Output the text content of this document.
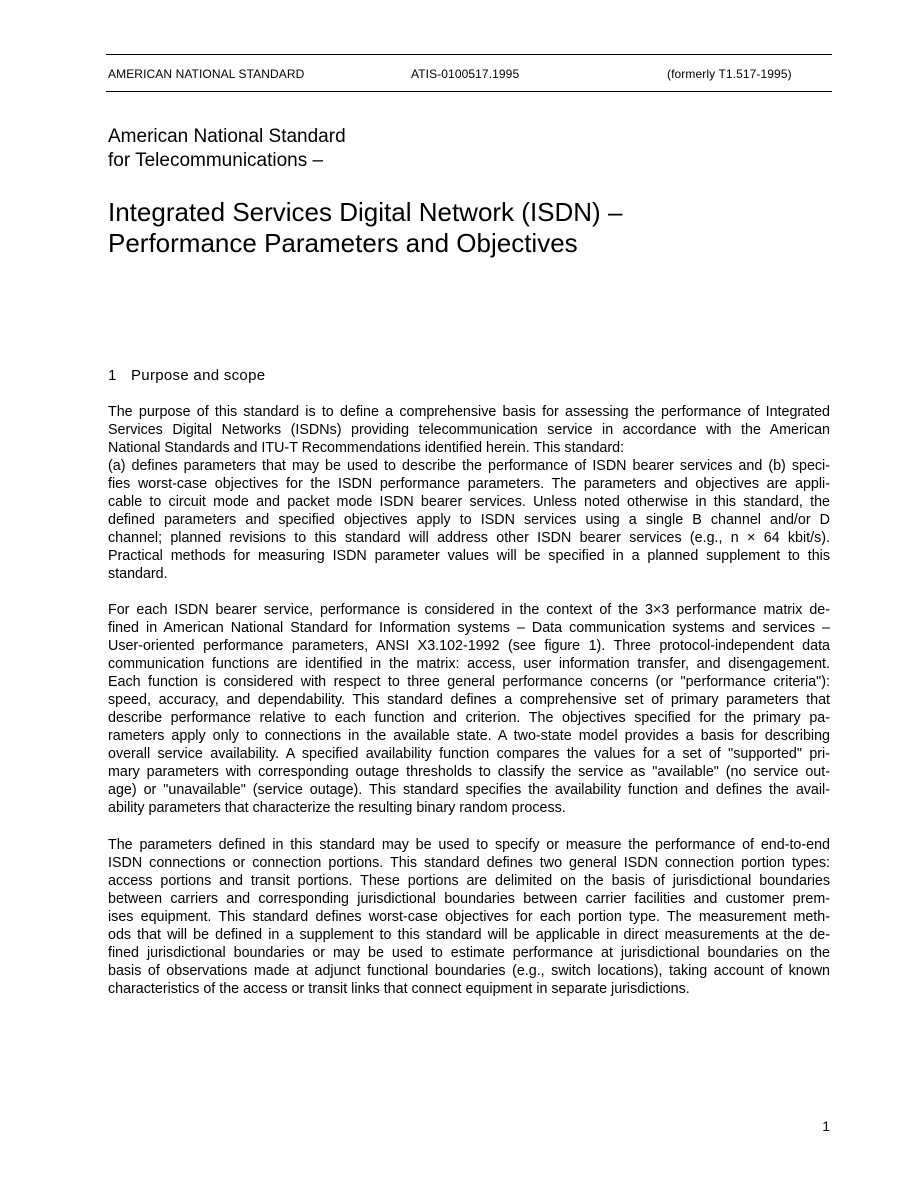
AMERICAN NATIONAL STANDARD	ATIS-0100517.1995	(formerly T1.517-1995)
American National Standard
for Telecommunications –
Integrated Services Digital Network (ISDN) –
Performance Parameters and Objectives
1 Purpose and scope

The purpose of this standard is to define a comprehensive basis for assessing the performance of Integrated
Services Digital Networks (ISDNs) providing telecommunication service in accordance with the American
National Standards and ITU-T Recommendations identified herein. This standard:
(a) defines parameters that may be used to describe the performance of ISDN bearer services and (b) speci-
fies worst-case objectives for the ISDN performance parameters. The parameters and objectives are appli-
cable to circuit mode and packet mode ISDN bearer services. Unless noted otherwise in this standard, the
defined parameters and specified objectives apply to ISDN services using a single B channel and/or D
channel; planned revisions to this standard will address other ISDN bearer services (e.g., n × 64 kbit/s).
Practical methods for measuring ISDN parameter values will be specified in a planned supplement to this
standard.

For each ISDN bearer service, performance is considered in the context of the 3×3 performance matrix de-
fined in American National Standard for Information systems – Data communication systems and services –
User-oriented performance parameters, ANSI X3.102-1992 (see figure 1). Three protocol-independent data
communication functions are identified in the matrix: access, user information transfer, and disengagement.
Each function is considered with respect to three general performance concerns (or "performance criteria"):
speed, accuracy, and dependability. This standard defines a comprehensive set of primary parameters that
describe performance relative to each function and criterion. The objectives specified for the primary pa-
rameters apply only to connections in the available state. A two-state model provides a basis for describing
overall service availability. A specified availability function compares the values for a set of "supported" pri-
mary parameters with corresponding outage thresholds to classify the service as "available" (no service out-
age) or "unavailable" (service outage). This standard specifies the availability function and defines the avail-
ability parameters that characterize the resulting binary random process.

The parameters defined in this standard may be used to specify or measure the performance of end-to-end
ISDN connections or connection portions. This standard defines two general ISDN connection portion types:
access portions and transit portions. These portions are delimited on the basis of jurisdictional boundaries
between carriers and corresponding jurisdictional boundaries between carrier facilities and customer prem-
ises equipment. This standard defines worst-case objectives for each portion type. The measurement meth-
ods that will be defined in a supplement to this standard will be applicable in direct measurements at the de-
fined jurisdictional boundaries or may be used to estimate performance at jurisdictional boundaries on the
basis of observations made at adjunct functional boundaries (e.g., switch locations), taking account of known
characteristics of the access or transit links that connect equipment in separate jurisdictions.

1
